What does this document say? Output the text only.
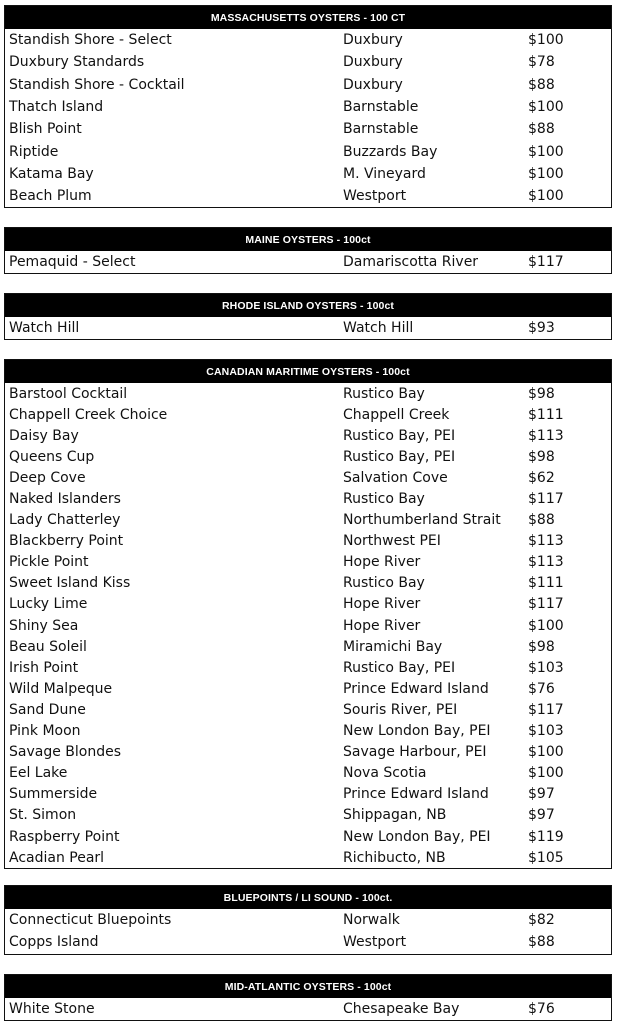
MASSACHUSETTS OYSTERS - 100 CT
Standish Shore - Select	Duxbury	$100
Duxbury Standards	Duxbury	$78
Standish Shore - Cocktail	Duxbury	$88
Thatch Island	Barnstable	$100
Blish Point	Barnstable	$88
Riptide	Buzzards Bay	$100
Katama Bay	M. Vineyard	$100
Beach Plum	Westport	$100
MAINE OYSTERS - 100ct
Pemaquid - Select	Damariscotta River	$117
RHODE ISLAND OYSTERS - 100ct
Watch Hill	Watch Hill	$93
CANADIAN MARITIME OYSTERS - 100ct
Barstool Cocktail	Rustico Bay	$98
Chappell Creek Choice	Chappell Creek	$111
Daisy Bay	Rustico Bay, PEI	$113
Queens Cup	Rustico Bay, PEI	$98
Deep Cove	Salvation Cove	$62
Naked Islanders	Rustico Bay	$117
Lady Chatterley	Northumberland Strait	$88
Blackberry Point	Northwest PEI	$113
Pickle Point	Hope River	$113
Sweet Island Kiss	Rustico Bay	$111
Lucky Lime	Hope River	$117
Shiny Sea	Hope River	$100
Beau Soleil	Miramichi Bay	$98
Irish Point	Rustico Bay, PEI	$103
Wild Malpeque	Prince Edward Island	$76
Sand Dune	Souris River, PEI	$117
Pink Moon	New London Bay, PEI	$103
Savage Blondes	Savage Harbour, PEI	$100
Eel Lake	Nova Scotia	$100
Summerside	Prince Edward Island	$97
St. Simon	Shippagan, NB	$97
Raspberry Point	New London Bay, PEI	$119
Acadian Pearl	Richibucto, NB	$105
BLUEPOINTS / LI SOUND - 100ct.
Connecticut Bluepoints	Norwalk	$82
Copps Island	Westport	$88
MID-ATLANTIC OYSTERS - 100ct
White Stone	Chesapeake Bay	$76
